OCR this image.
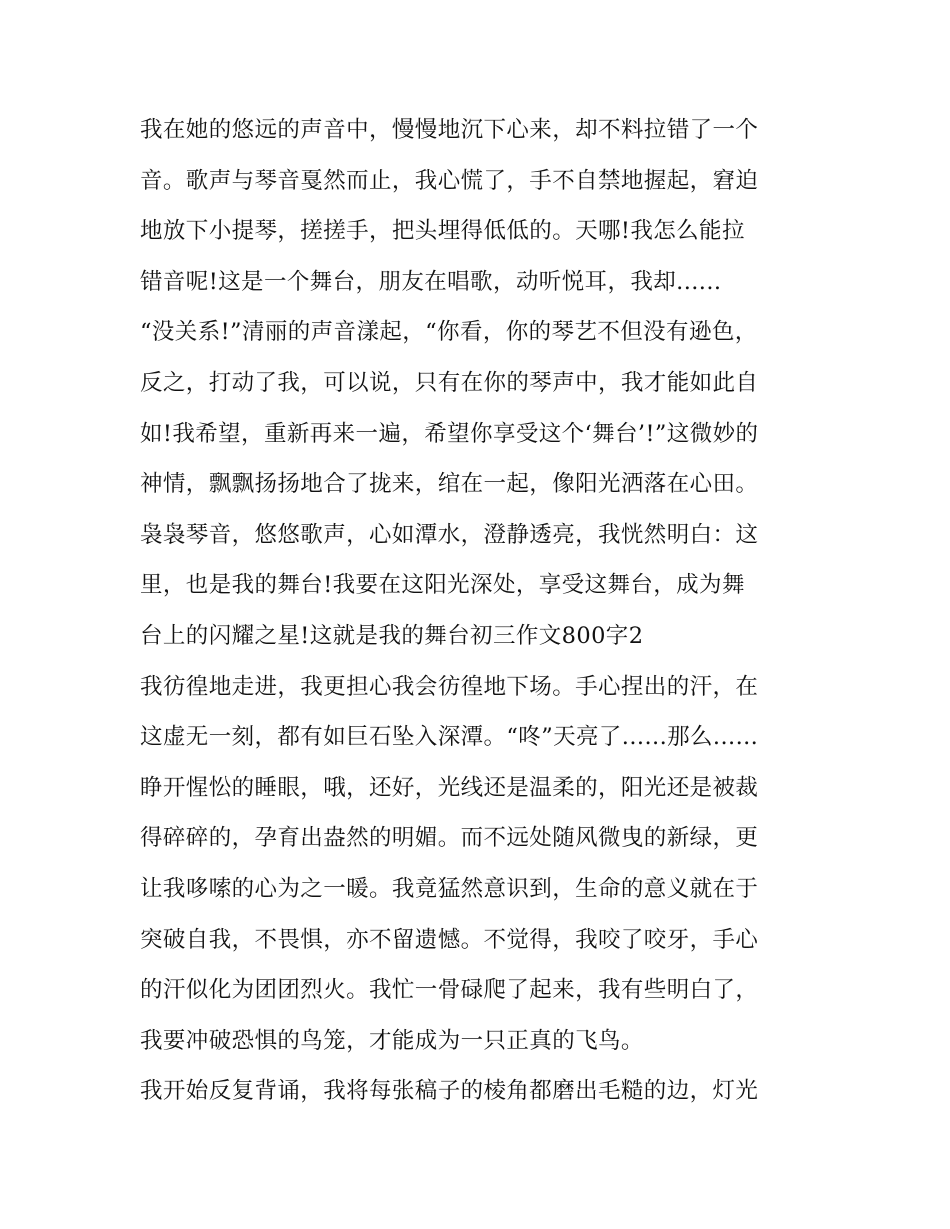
我在她的悠远的声音中，慢慢地沉下心来，却不料拉错了一个
音。歌声与琴音戛然而止，我心慌了，手不自禁地握起，窘迫
地放下小提琴，搓搓手，把头埋得低低的。天哪!我怎么能拉
错音呢!这是一个舞台，朋友在唱歌，动听悦耳，我却......
“没关系!”清丽的声音漾起，“你看，你的琴艺不但没有逊色，
反之，打动了我，可以说，只有在你的琴声中，我才能如此自
如!我希望，重新再来一遍，希望你享受这个‘舞台’!”这微妙的
神情，飘飘扬扬地合了拢来，绾在一起，像阳光洒落在心田。
袅袅琴音，悠悠歌声，心如潭水，澄静透亮，我恍然明白：这
里，也是我的舞台!我要在这阳光深处，享受这舞台，成为舞
台上的闪耀之星!这就是我的舞台初三作文800字2
我彷徨地走进，我更担心我会彷徨地下场。手心捏出的汗，在
这虚无一刻，都有如巨石坠入深潭。“咚”天亮了......那么......
睁开惺忪的睡眼，哦，还好，光线还是温柔的，阳光还是被裁
得碎碎的，孕育出盎然的明媚。而不远处随风微曳的新绿，更
让我哆嗦的心为之一暖。我竟猛然意识到，生命的意义就在于
突破自我，不畏惧，亦不留遗憾。不觉得，我咬了咬牙，手心
的汗似化为团团烈火。我忙一骨碌爬了起来，我有些明白了，
我要冲破恐惧的鸟笼，才能成为一只正真的飞鸟。
我开始反复背诵，我将每张稿子的棱角都磨出毛糙的边，灯光
